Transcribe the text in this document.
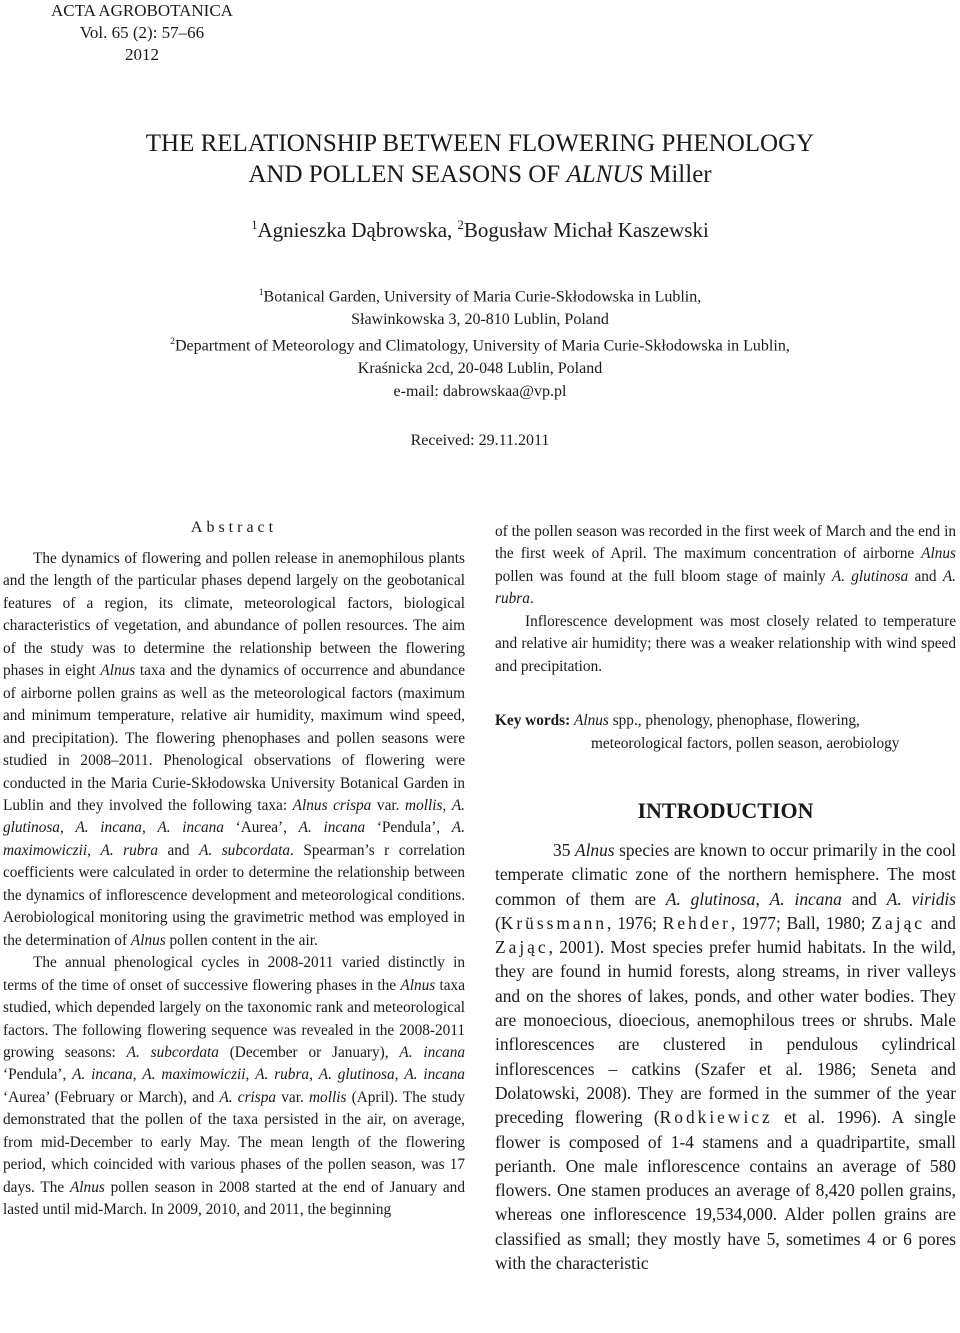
ACTA AGROBOTANICA
Vol. 65 (2): 57–66
2012
THE RELATIONSHIP BETWEEN FLOWERING PHENOLOGY
AND POLLEN SEASONS OF ALNUS Miller
$^1$Agnieszka Dąbrowska, $^2$Bogusław Michał Kaszewski
$^1$Botanical Garden, University of Maria Curie-Skłodowska in Lublin,
Sławinkowska 3, 20-810 Lublin, Poland
$^2$Department of Meteorology and Climatology, University of Maria Curie-Skłodowska in Lublin,
Kraśnicka 2cd, 20-048 Lublin, Poland
e-mail: dabrowskaa@vp.pl
Received: 29.11.2011
Abstract

The dynamics of flowering and pollen release in anemophilous plants and the length of the particular phases depend largely on the geobotanical features of a region, its climate, meteorological factors, biological characteristics of vegetation, and abundance of pollen resources. The aim of the study was to determine the relationship between the flowering phases in eight Alnus taxa and the dynamics of occurrence and abundance of airborne pollen grains as well as the meteorological factors (maximum and minimum temperature, relative air humidity, maximum wind speed, and precipitation). The flowering phenophases and pollen seasons were studied in 2008–2011. Phenological observations of flowering were conducted in the Maria Curie-Skłodowska University Botanical Garden in Lublin and they involved the following taxa: Alnus crispa var. mollis, A. glutinosa, A. incana, A. incana ‘Aurea’, A. incana ‘Pendula’, A. maximowiczii, A. rubra and A. subcordata. Spearman’s r correlation coefficients were calculated in order to determine the relationship between the dynamics of inflorescence development and meteorological conditions. Aerobiological monitoring using the gravimetric method was employed in the determination of Alnus pollen content in the air.

The annual phenological cycles in 2008-2011 varied distinctly in terms of the time of onset of successive flowering phases in the Alnus taxa studied, which depended largely on the taxonomic rank and meteorological factors. The following flowering sequence was revealed in the 2008-2011 growing seasons: A. subcordata (December or January), A. incana ‘Pendula’, A. incana, A. maximowiczii, A. rubra, A. glutinosa, A. incana ‘Aurea’ (February or March), and A. crispa var. mollis (April). The study demonstrated that the pollen of the taxa persisted in the air, on average, from mid-December to early May. The mean length of the flowering period, which coincided with various phases of the pollen season, was 17 days. The Alnus pollen season in 2008 started at the end of January and lasted until mid-March. In 2009, 2010, and 2011, the beginning

of the pollen season was recorded in the first week of March and the end in the first week of April. The maximum concentration of airborne Alnus pollen was found at the full bloom stage of mainly A. glutinosa and A. rubra.

Inflorescence development was most closely related to temperature and relative air humidity; there was a weaker relationship with wind speed and precipitation.

Key words: Alnus spp., phenology, phenophase, flowering,
meteorological factors, pollen season, aerobiology
INTRODUCTION

35 Alnus species are known to occur primarily in the cool temperate climatic zone of the northern hemisphere. The most common of them are A. glutinosa, A. incana and A. viridis (Krüssmann, 1976; Rehder, 1977; Ball, 1980; Zając and Zając, 2001). Most species prefer humid habitats. In the wild, they are found in humid forests, along streams, in river valleys and on the shores of lakes, ponds, and other water bodies. They are monoecious, dioecious, anemophilous trees or shrubs. Male inflorescences are clustered in pendulous cylindrical inflorescences – catkins (Szafer et al. 1986; Seneta and Dolatowski, 2008). They are formed in the summer of the year preceding flowering (Rodkiewicz et al. 1996). A single flower is composed of 1-4 stamens and a quadripartite, small perianth. One male inflorescence contains an average of 580 flowers. One stamen produces an average of 8,420 pollen grains, whereas one inflorescence 19,534,000. Alder pollen grains are classified as small; they mostly have 5, sometimes 4 or 6 pores with the characteristic
